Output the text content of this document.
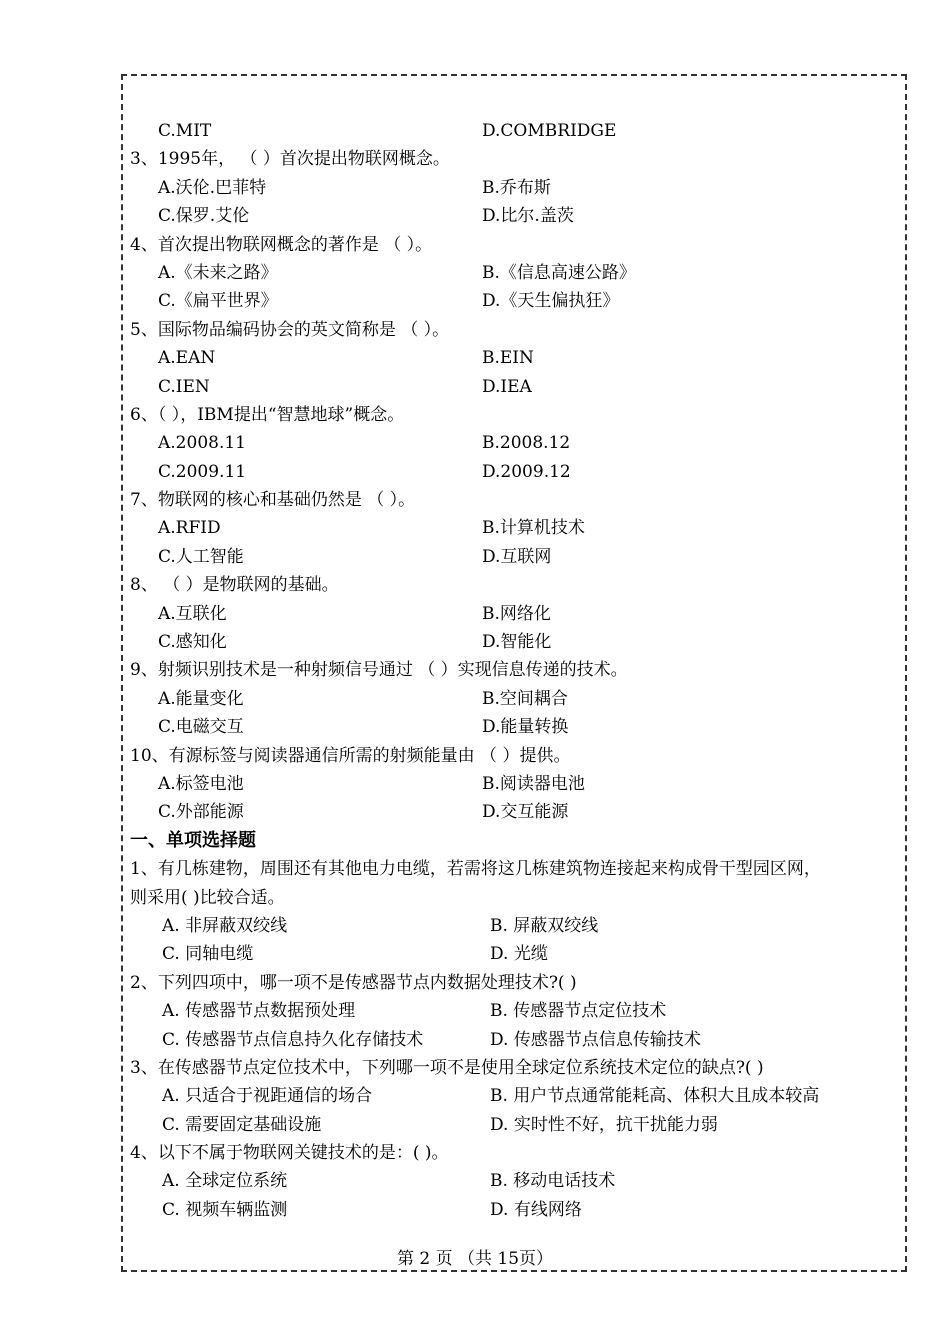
C.MIT	D.COMBRIDGE
3、1995年， （ ）首次提出物联网概念。
A.沃伦.巴菲特	B.乔布斯
C.保罗.艾伦	D.比尔.盖茨
4、首次提出物联网概念的著作是 （ ）。
A.《未来之路》	B.《信息高速公路》
C.《扁平世界》	D.《天生偏执狂》
5、国际物品编码协会的英文简称是 （ ）。
A.EAN	B.EIN
C.IEN	D.IEA
6、（ ），IBM提出“智慧地球”概念。
A.2008.11	B.2008.12
C.2009.11	D.2009.12
7、物联网的核心和基础仍然是 （ ）。
A.RFID	B.计算机技术
C.人工智能	D.互联网
8、 （ ）是物联网的基础。
A.互联化	B.网络化
C.感知化	D.智能化
9、射频识别技术是一种射频信号通过 （ ）实现信息传递的技术。
A.能量变化	B.空间耦合
C.电磁交互	D.能量转换
10、有源标签与阅读器通信所需的射频能量由 （ ）提供。
A.标签电池	B.阅读器电池
C.外部能源	D.交互能源
一、单项选择题
1、有几栋建物，周围还有其他电力电缆，若需将这几栋建筑物连接起来构成骨干型园区网，
则采用( )比较合适。
A. 非屏蔽双绞线	B. 屏蔽双绞线
C. 同轴电缆	D. 光缆
2、下列四项中，哪一项不是传感器节点内数据处理技术?( )
A. 传感器节点数据预处理	B. 传感器节点定位技术
C. 传感器节点信息持久化存储技术	D. 传感器节点信息传输技术
3、在传感器节点定位技术中，下列哪一项不是使用全球定位系统技术定位的缺点?( )
A. 只适合于视距通信的场合	B. 用户节点通常能耗高、体积大且成本较高
C. 需要固定基础设施	D. 实时性不好，抗干扰能力弱
4、以下不属于物联网关键技术的是：( )。
A. 全球定位系统	B. 移动电话技术
C. 视频车辆监测	D. 有线网络
第 2 页 （共 15页）
